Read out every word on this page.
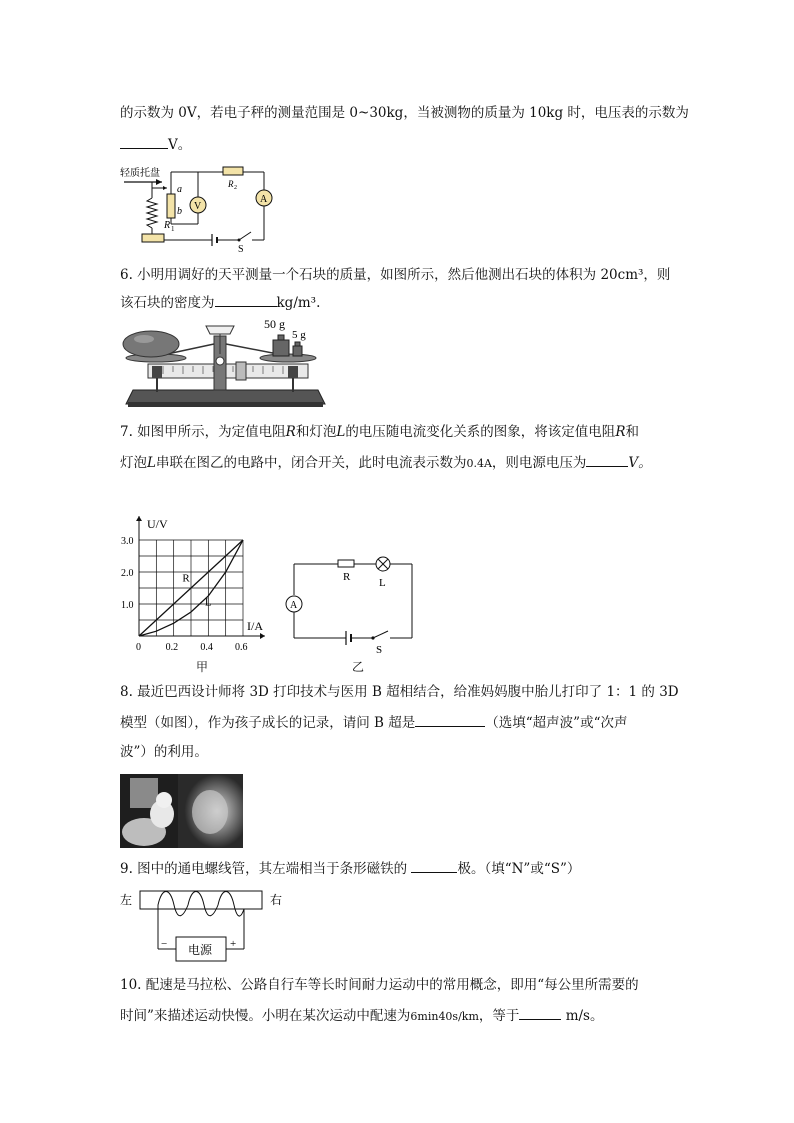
的示数为 0V，若电子秤的测量范围是 0~30kg，当被测物的质量为 10kg 时，电压表的示数为
V。
轻质托盘
a
b
R 1
R 2
A
V
S
6. 小明用调好的天平测量一个石块的质量，如图所示，然后他测出石块的体积为 20cm³，则
该石块的密度为	kg/m³.
50 g
5 g
7. 如图甲所示，为定值电阻R和灯泡L的电压随电流变化关系的图象，将该定值电阻R和
灯泡L串联在图乙的电路中，闭合开关，此时电流表示数为0.4A，则电源电压为	V。
U/V
I/A
0 0.2 0.4 0.6
1.0
2.0
3.0
R
L
R	L
A
S
甲	乙
8. 最近巴西设计师将 3D 打印技术与医用 B 超相结合，给准妈妈腹中胎儿打印了 1：1 的 3D
模型（如图），作为孩子成长的记录，请问 B 超是	（选填“超声波”或“次声
波”）的利用。
9. 图中的通电螺线管，其左端相当于条形磁铁的	极。（填“N”或“S”）
左	右
电源
−	+
10. 配速是马拉松、公路自行车等长时间耐力运动中的常用概念，即用“每公里所需要的
时间”来描述运动快慢。小明在某次运动中配速为6min40s/km，等于	m/s。
